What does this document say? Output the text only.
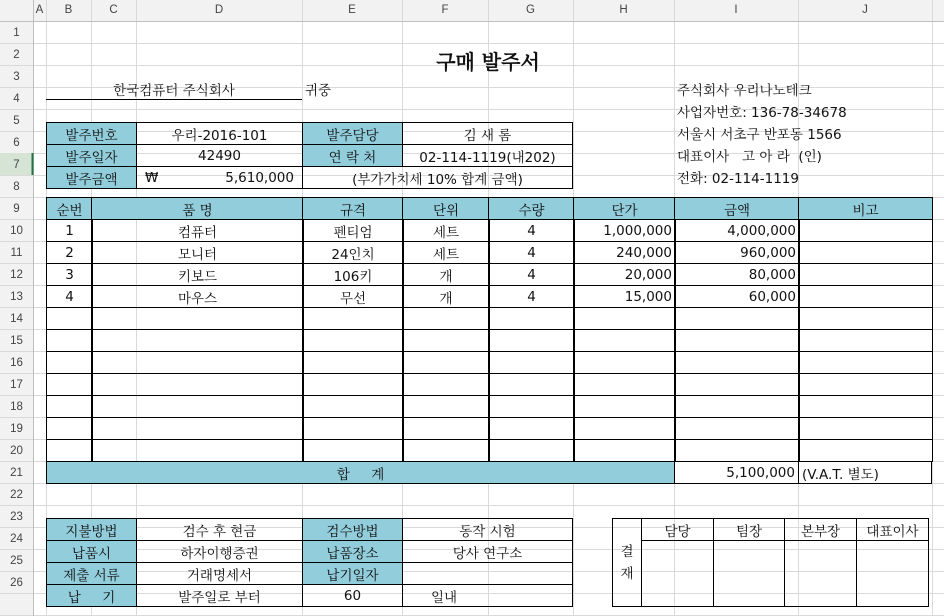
A	B	C	D	E	F	G	H	I	J
1
2
3
4
5
6
7
8
9
10
11
12
13
14
15
16
17
18
19
20
21
22
23
24
25
26
구매 발주서
한국컴퓨터 주식회사	귀중	주식회사 우리나노테크
사업자번호: 136-78-34678
서울시 서초구 반포동 1566
대표이사   고 아 라  (인)
전화: 02-114-1119
발주번호	우리-2016-101	발주담당	김 새 롬
발주일자	42490	연 락 처	02-114-1119(내202)
발주금액	₩	5,610,000	(부가가치세 10% 합계 금액)
순번	품 명	규격	단위	수량	단가	금액	비고
1	컴퓨터	펜티엄	세트	4	1,000,000	4,000,000
2	모니터	24인치	세트	4	240,000	960,000
3	키보드	106키	개	4	20,000	80,000
4	마우스	무선	개	4	15,000	60,000
합     계	5,100,000 (V.A.T. 별도)
지불방법	검수 후 현금	검수방법	동작 시험
납품시	하자이행증권	납품장소	당사 연구소
제출 서류	거래명세서	납기일자
납     기	발주일로 부터	60	일내
결
재
담당	팀장	본부장	대표이사
